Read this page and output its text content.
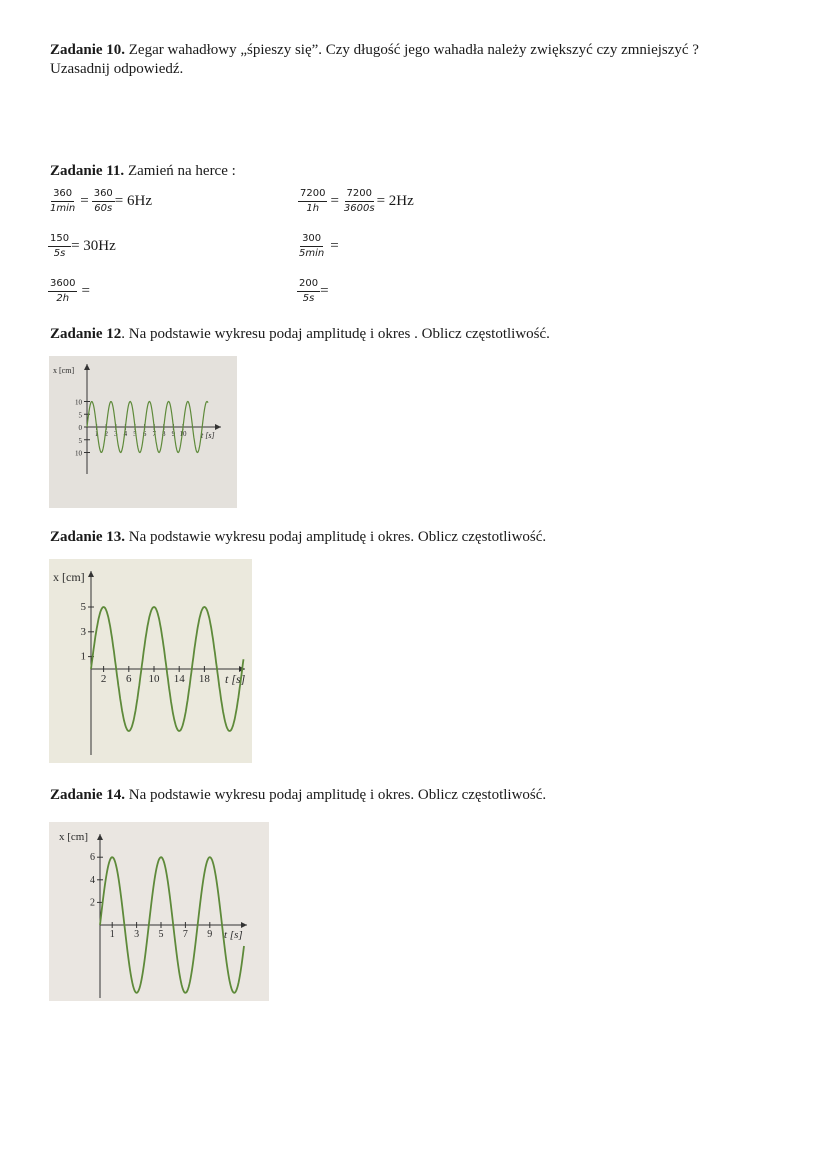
Zadanie 10. Zegar wahadłowy „śpieszy się”. Czy długość jego wahadła należy zwiększyć czy zmniejszyć ?
Uzasadnij odpowiedź.
Zadanie 11. Zamień na herce :
$\frac{360}{1\min} = \frac{360}{60s} = 6Hz$	$\frac{7200}{1h} = \frac{7200}{3600s} = 2Hz$
$\frac{150}{5s} = 30Hz$	$\frac{300}{5\min}$ =
$\frac{3600}{2h}$ =	$\frac{200}{5s}$ =
Zadanie 12. Na podstawie wykresu podaj amplitudę i okres . Oblicz częstotliwość.
x [cm]
t [s]
10
5
0
5
10
1 2 3 4 5 6 7 8 9 10
Zadanie 13. Na podstawie wykresu podaj amplitudę i okres. Oblicz częstotliwość.
x [cm]
t [s]
5
3
1
2 6 10 14 18
Zadanie 14. Na podstawie wykresu podaj amplitudę i okres. Oblicz częstotliwość.
x [cm]
t [s]
6
4
2
1 3 5 7 9
